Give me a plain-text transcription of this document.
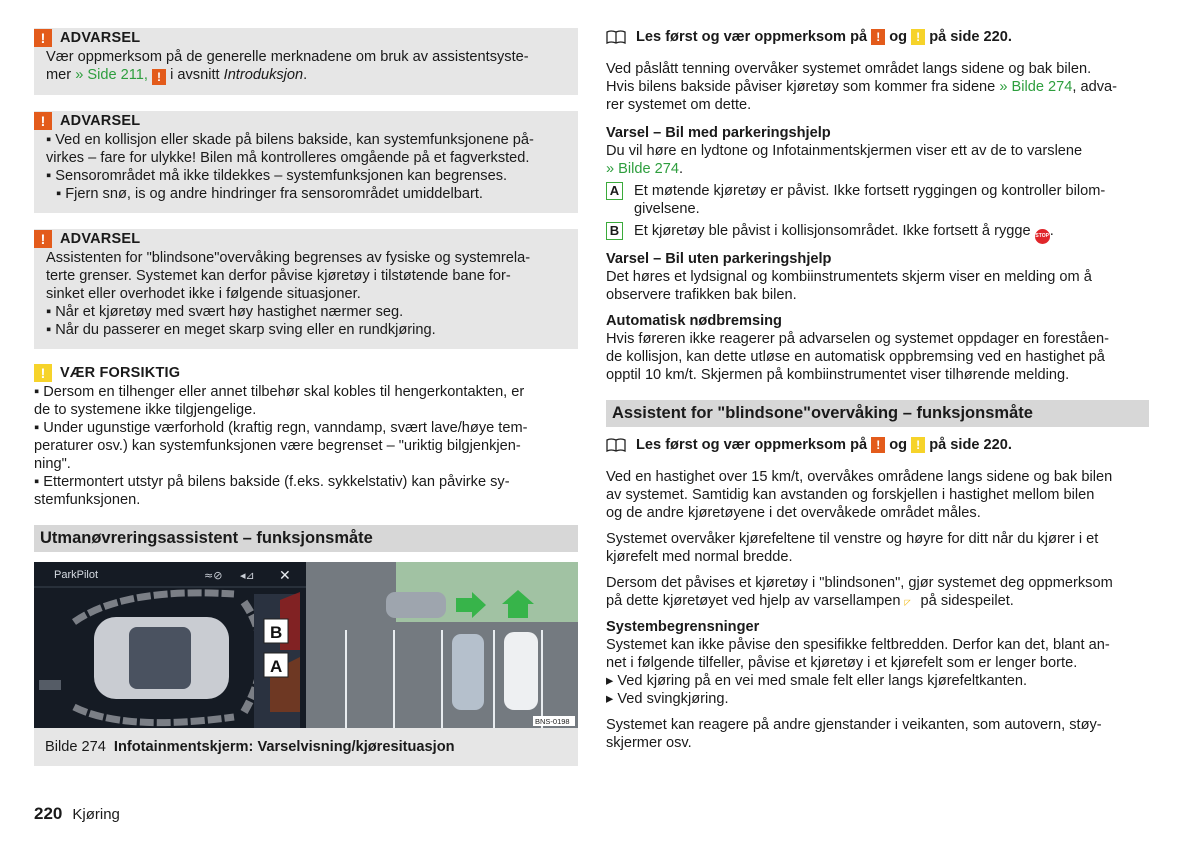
!	ADVARSEL

Vær oppmerksom på de generelle merknadene om bruk av assistentsyste-

mer » Side 211, ! i avsnitt Introduksjon.

!	ADVARSEL

▪ Ved en kollisjon eller skade på bilens bakside, kan systemfunksjonene på-

virkes – fare for ulykke! Bilen må kontrolleres omgående på et fagverksted.

▪ Sensorområdet må ikke tildekkes – systemfunksjonen kan begrenses.

▪ Fjern snø, is og andre hindringer fra sensorområdet umiddelbart.

!	ADVARSEL

Assistenten for "blindsone"overvåking begrenses av fysiske og systemrela-

terte grenser. Systemet kan derfor påvise kjøretøy i tilstøtende bane for-

sinket eller overhodet ikke i følgende situasjoner.

▪ Når et kjøretøy med svært høy hastighet nærmer seg.

▪ Når du passerer en meget skarp sving eller en rundkjøring.

!	VÆR FORSIKTIG

▪ Dersom en tilhenger eller annet tilbehør skal kobles til hengerkontakten, er

de to systemene ikke tilgjengelige.

▪ Under ugunstige værforhold (kraftig regn, vanndamp, svært lave/høye tem-

peraturer osv.) kan systemfunksjonen være begrenset – "uriktig bilgjenkjen-

ning".

▪ Ettermontert utstyr på bilens bakside (f.eks. sykkelstativ) kan påvirke sy-

stemfunksjonen.

Utmanøvreringsassistent – funksjonsmåte
ParkPilot	≈⊘ ◂⊿ ✕
B
A
BNS-0198
Bilde 274 Infotainmentskjerm: Varselvisning/kjøresituasjon
Les først og vær oppmerksom på
!
og
!
på side 220.

Ved påslått tenning overvåker systemet området langs sidene og bak bilen.

Hvis bilens bakside påviser kjøretøy som kommer fra sidene » Bilde 274, adva-

rer systemet om dette.

Varsel – Bil med parkeringshjelp

Du vil høre en lydtone og Infotainmentskjermen viser ett av de to varslene

» Bilde 274.

A	Et møtende kjøretøy er påvist. Ikke fortsett ryggingen og kontroller bilom-

givelsene.

B	Et kjøretøy ble påvist i kollisjonsområdet. Ikke fortsett å rygge STOP.

Varsel – Bil uten parkeringshjelp

Det høres et lydsignal og kombiinstrumentets skjerm viser en melding om å

observere trafikken bak bilen.

Automatisk nødbremsing

Hvis føreren ikke reagerer på advarselen og systemet oppdager en foreståen-

de kollisjon, kan dette utløse en automatisk oppbremsing ved en hastighet på

opptil 10 km/t. Skjermen på kombiinstrumentet viser tilhørende melding.

Assistent for "blindsone"overvåking – funksjonsmåte
Les først og vær oppmerksom på
!
og
!
på side 220.

Ved en hastighet over 15 km/t, overvåkes områdene langs sidene og bak bilen

av systemet. Samtidig kan avstanden og forskjellen i hastighet mellom bilen

og de andre kjøretøyene i det overvåkede området måles.

Systemet overvåker kjørefeltene til venstre og høyre for ditt når du kjører i et

kjørefelt med normal bredde.

Dersom det påvises et kjøretøy i "blindsonen", gjør systemet deg oppmerksom

på dette kjøretøyet ved hjelp av varsellampen ◸ på sidespeilet.

Systembegrensninger

Systemet kan ikke påvise den spesifikke feltbredden. Derfor kan det, blant an-

net i følgende tilfeller, påvise et kjøretøy i et kjørefelt som er lenger borte.

▸ Ved kjøring på en vei med smale felt eller langs kjørefeltkanten.

▸ Ved svingkjøring.

Systemet kan reagere på andre gjenstander i veikanten, som autovern, støy-

skjermer osv.

220 Kjøring
